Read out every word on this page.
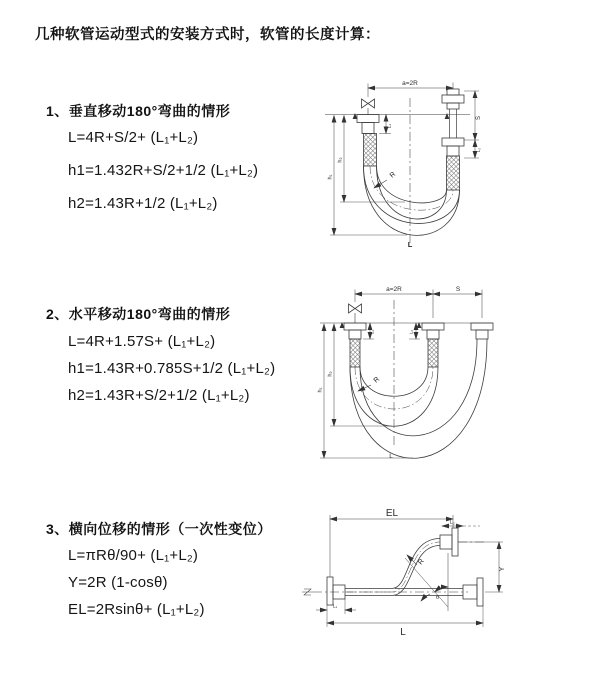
几种软管运动型式的安装方式时，软管的长度计算：
1、垂直移动180°弯曲的情形
L=4R+S/2+ (L₁+L₂)
h1=1.432R+S/2+1/2 (L₁+L₂)
h2=1.43R+1/2 (L₁+L₂)
2、水平移动180°弯曲的情形
L=4R+1.57S+ (L₁+L₂)
h1=1.43R+0.785S+1/2 (L₁+L₂)
h2=1.43R+S/2+1/2 (L₁+L₂)
3、横向位移的情形（一次性变位）
L=πRθ/90+ (L₁+L₂)
Y=2R (1-cosθ)
EL=2Rsinθ+ (L₁+L₂)
a=2R
L₁
S
L₂
h₁
h₂
R
L
a=2R	S
L₁	L₂
h₁
h₂
R
L
EL
L₂
Y
R
θ
L₁
L
